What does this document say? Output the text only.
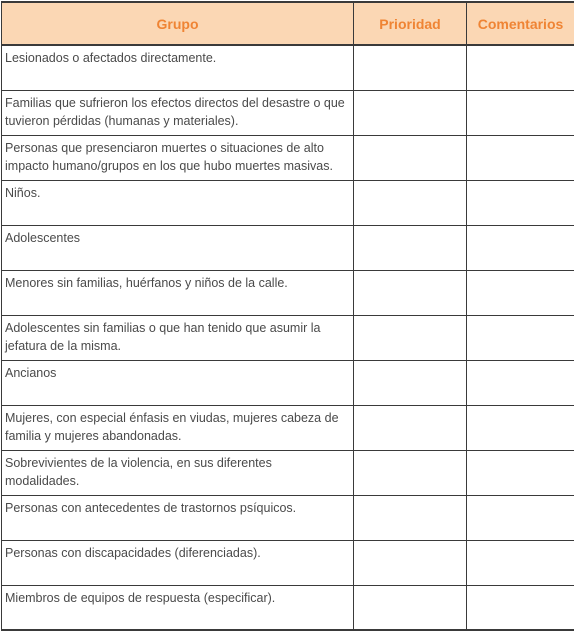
Grupo	Prioridad	Comentarios
Lesionados o afectados directamente.		
Familias que sufrieron los efectos directos del desastre o que tuvieron pérdidas (humanas y materiales).		
Personas que presenciaron muertes o situaciones de alto impacto humano/grupos en los que hubo muertes masivas.		
Niños.		
Adolescentes		
Menores sin familias, huérfanos y niños de la calle.		
Adolescentes sin familias o que han tenido que asumir la jefatura de la misma.		
Ancianos		
Mujeres, con especial énfasis en viudas, mujeres cabeza de familia y mujeres abandonadas.		
Sobrevivientes de la violencia, en sus diferentes modalidades.		
Personas con antecedentes de trastornos psíquicos.		
Personas con discapacidades (diferenciadas).		
Miembros de equipos de respuesta (especificar).		
